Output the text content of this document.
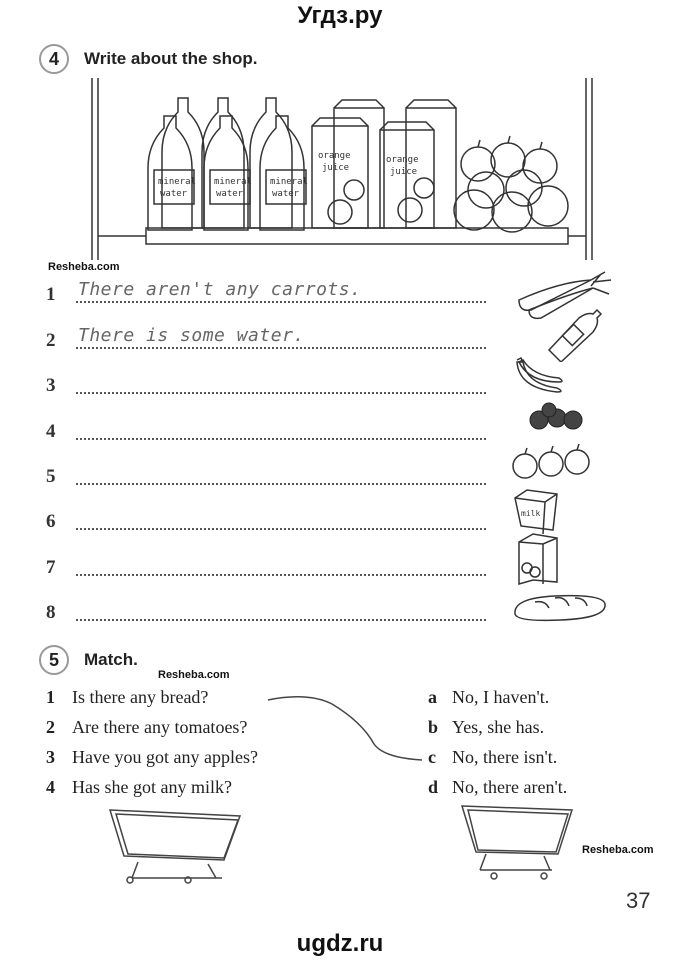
Угдз.ру
4	Write about the shop.
mineral
water
mineral
water
mineral
water
orange
juice
orange
juice
Resheba.com
1 There aren't any carrots.
2 There is some water.
3
4
5
6
7
8
milk
5	Match.
Resheba.com
1 Is there any bread?
2 Are there any tomatoes?
3 Have you got any apples?
4 Has she got any milk?
a No, I haven't.
b Yes, she has.
c No, there isn't.
d No, there aren't.
Resheba.com
37
ugdz.ru
